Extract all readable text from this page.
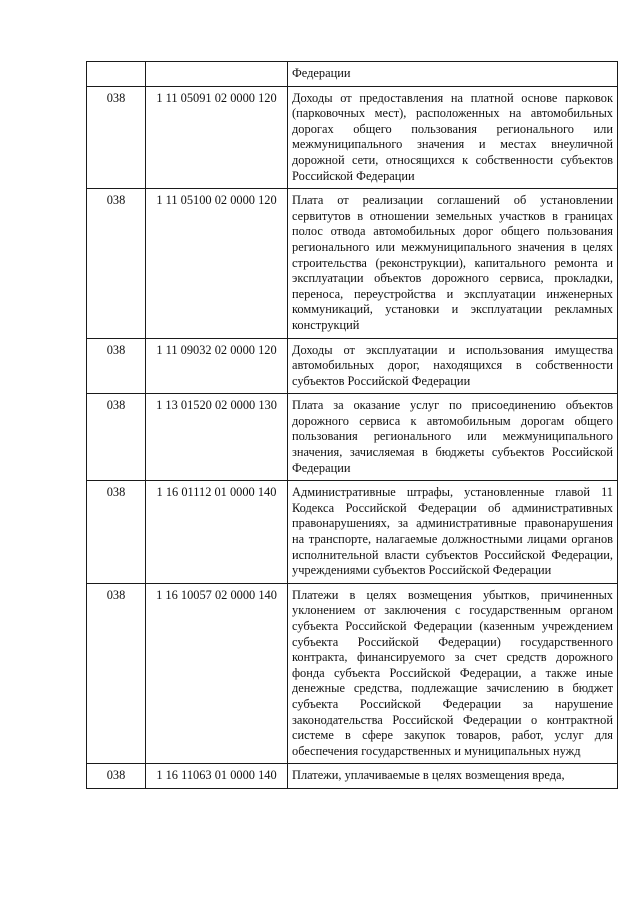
		Федерации
038	1 11 05091 02 0000 120	Доходы от предоставления на платной основе парковок (парковочных мест), расположенных на автомобильных дорогах общего пользования регионального или межмуниципального значения и местах внеуличной дорожной сети, относящихся к собственности субъектов Российской Федерации
038	1 11 05100 02 0000 120	Плата от реализации соглашений об установлении сервитутов в отношении земельных участков в границах полос отвода автомобильных дорог общего пользования регионального или межмуниципального значения в целях строительства (реконструкции), капитального ремонта и эксплуатации объектов дорожного сервиса, прокладки, переноса, переустройства и эксплуатации инженерных коммуникаций, установки и эксплуатации рекламных конструкций
038	1 11 09032 02 0000 120	Доходы от эксплуатации и использования имущества автомобильных дорог, находящихся в собственности субъектов Российской Федерации
038	1 13 01520 02 0000 130	Плата за оказание услуг по присоединению объектов дорожного сервиса к автомобильным дорогам общего пользования регионального или межмуниципального значения, зачисляемая в бюджеты субъектов Российской Федерации
038	1 16 01112 01 0000 140	Административные штрафы, установленные главой 11 Кодекса Российской Федерации об административных правонарушениях, за административные правонарушения на транспорте, налагаемые должностными лицами органов исполнительной власти субъектов Российской Федерации, учреждениями субъектов Российской Федерации
038	1 16 10057 02 0000 140	Платежи в целях возмещения убытков, причиненных уклонением от заключения с государственным органом субъекта Российской Федерации (казенным учреждением субъекта Российской Федерации) государственного контракта, финансируемого за счет средств дорожного фонда субъекта Российской Федерации, а также иные денежные средства, подлежащие зачислению в бюджет субъекта Российской Федерации за нарушение законодательства Российской Федерации о контрактной системе в сфере закупок товаров, работ, услуг для обеспечения государственных и муниципальных нужд
038	1 16 11063 01 0000 140	Платежи, уплачиваемые в целях возмещения вреда,
